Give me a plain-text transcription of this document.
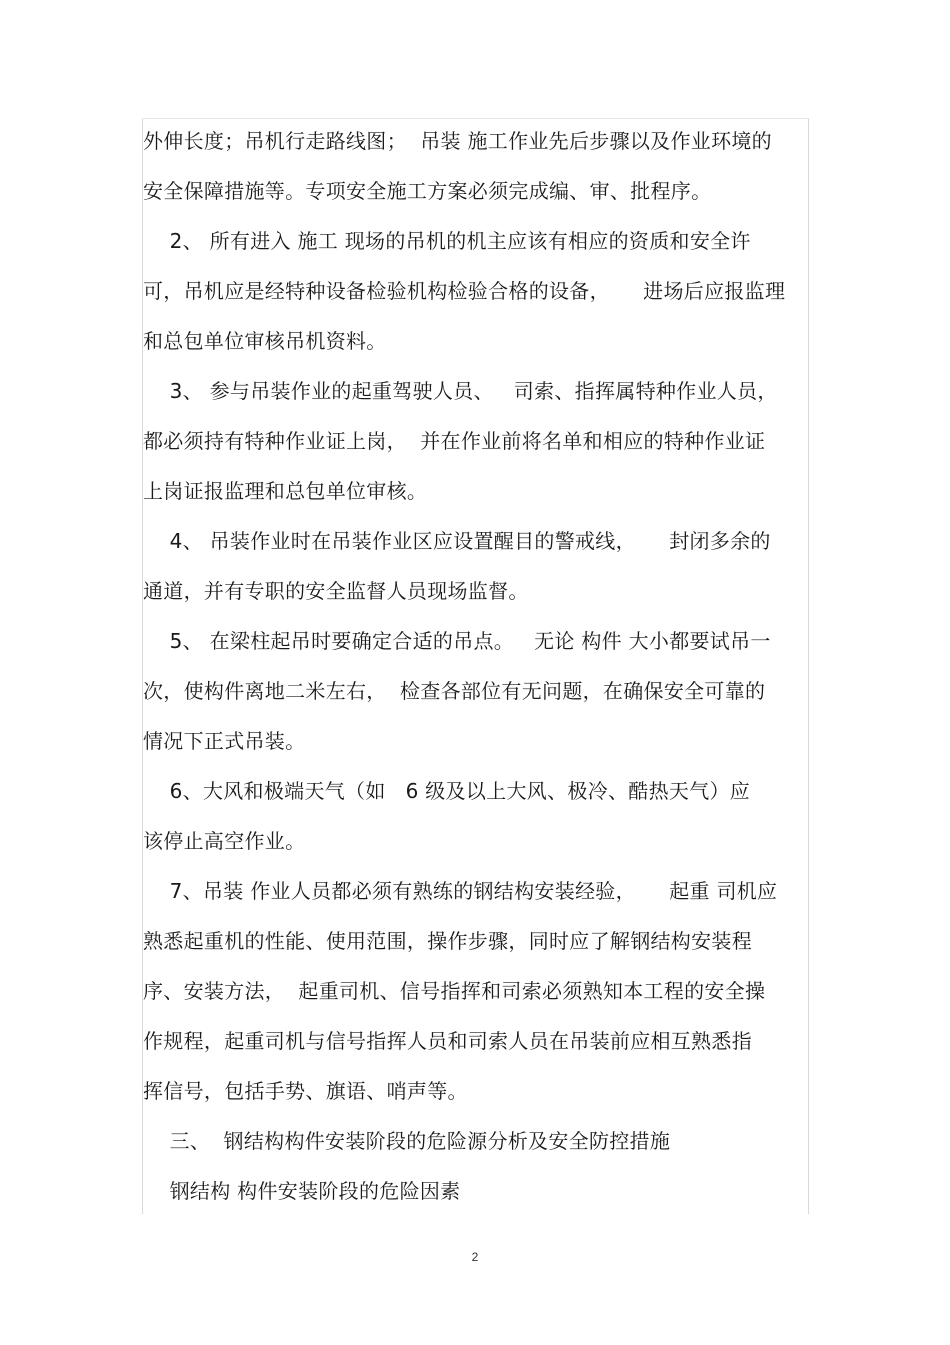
外伸长度；吊机行走路线图；  吊装 施工作业先后步骤以及作业环境的
安全保障措施等。专项安全施工方案必须完成编、审、批程序。
2、 所有进入 施工 现场的吊机的机主应该有相应的资质和安全许
可，吊机应是经特种设备检验机构检验合格的设备，     进场后应报监理
和总包单位审核吊机资料。
3、 参与吊装作业的起重驾驶人员、   司索、指挥属特种作业人员，
都必须持有特种作业证上岗，  并在作业前将名单和相应的特种作业证
上岗证报监理和总包单位审核。
4、 吊装作业时在吊装作业区应设置醒目的警戒线，     封闭多余的
通道，并有专职的安全监督人员现场监督。
5、 在梁柱起吊时要确定合适的吊点。   无论 构件 大小都要试吊一
次，使构件离地二米左右，  检查各部位有无问题，在确保安全可靠的
情况下正式吊装。
6、大风和极端天气（如   6 级及以上大风、极冷、酷热天气）应
该停止高空作业。
7、吊装 作业人员都必须有熟练的钢结构安装经验，     起重 司机应
熟悉起重机的性能、使用范围，操作步骤，同时应了解钢结构安装程
序、安装方法，  起重司机、信号指挥和司索必须熟知本工程的安全操
作规程，起重司机与信号指挥人员和司索人员在吊装前应相互熟悉指
挥信号，包括手势、旗语、哨声等。
三、  钢结构构件安装阶段的危险源分析及安全防控措施
钢结构 构件安装阶段的危险因素
2
